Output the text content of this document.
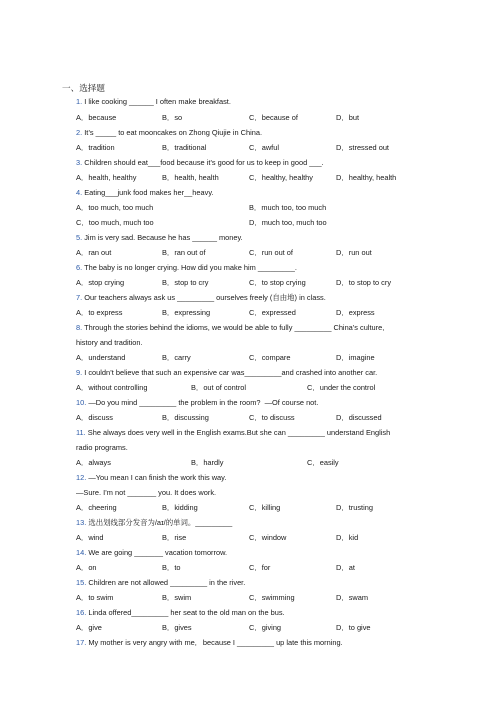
一、选择题
1. I like cooking ______ I often make breakfast.
A．because	B．so	C．because of	D．but
2. It’s _____ to eat mooncakes on Zhong Qiujie in China.
A．tradition	B．traditional	C．awful	D．stressed out
3. Children should eat___food because it’s good for us to keep in good ___.
A．health, healthy	B．health, health	C．healthy, healthy	D．healthy, health
4. Eating___junk food makes her__heavy.
A．too much, too much	B．much too, too much
C．too much, much too	D．much too, much too
5. Jim is very sad. Because he has ______ money.
A．ran out	B．ran out of	C．run out of	D．run out
6. The baby is no longer crying. How did you make him _________.
A．stop crying	B．stop to cry	C．to stop crying	D．to stop to cry
7. Our teachers always ask us _________ ourselves freely (自由地) in class.
A．to express	B．expressing	C．expressed	D．express
8. Through the stories behind the idioms, we would be able to fully _________ China’s culture,
history and tradition.
A．understand	B．carry	C．compare	D．imagine
9. I couldn’t believe that such an expensive car was_________and crashed into another car.
A．without controlling	B．out of control	C．under the control
10. —Do you mind _________ the problem in the room?  —Of course not.
A．discuss	B．discussing	C．to discuss	D．discussed
11. She always does very well in the English exams.But she can _________ understand English
radio programs.
A．always	B．hardly	C．easily
12. —You mean I can finish the work this way.
—Sure. I’m not _______ you. It does work.
A．cheering	B．kidding	C．killing	D．trusting
13. 选出划线部分发音为/aɪ/的单词。_________
A．wind	B．rise	C．window	D．kid
14. We are going _______ vacation tomorrow.
A．on	B．to	C．for	D．at
15. Children are not allowed _________ in the river.
A．to swim	B．swim	C．swimming	D．swam
16. Linda offered_________ her seat to the old man on the bus.
A．give	B．gives	C．giving	D．to give
17. My mother is very angry with me,   because I _________ up late this morning.
